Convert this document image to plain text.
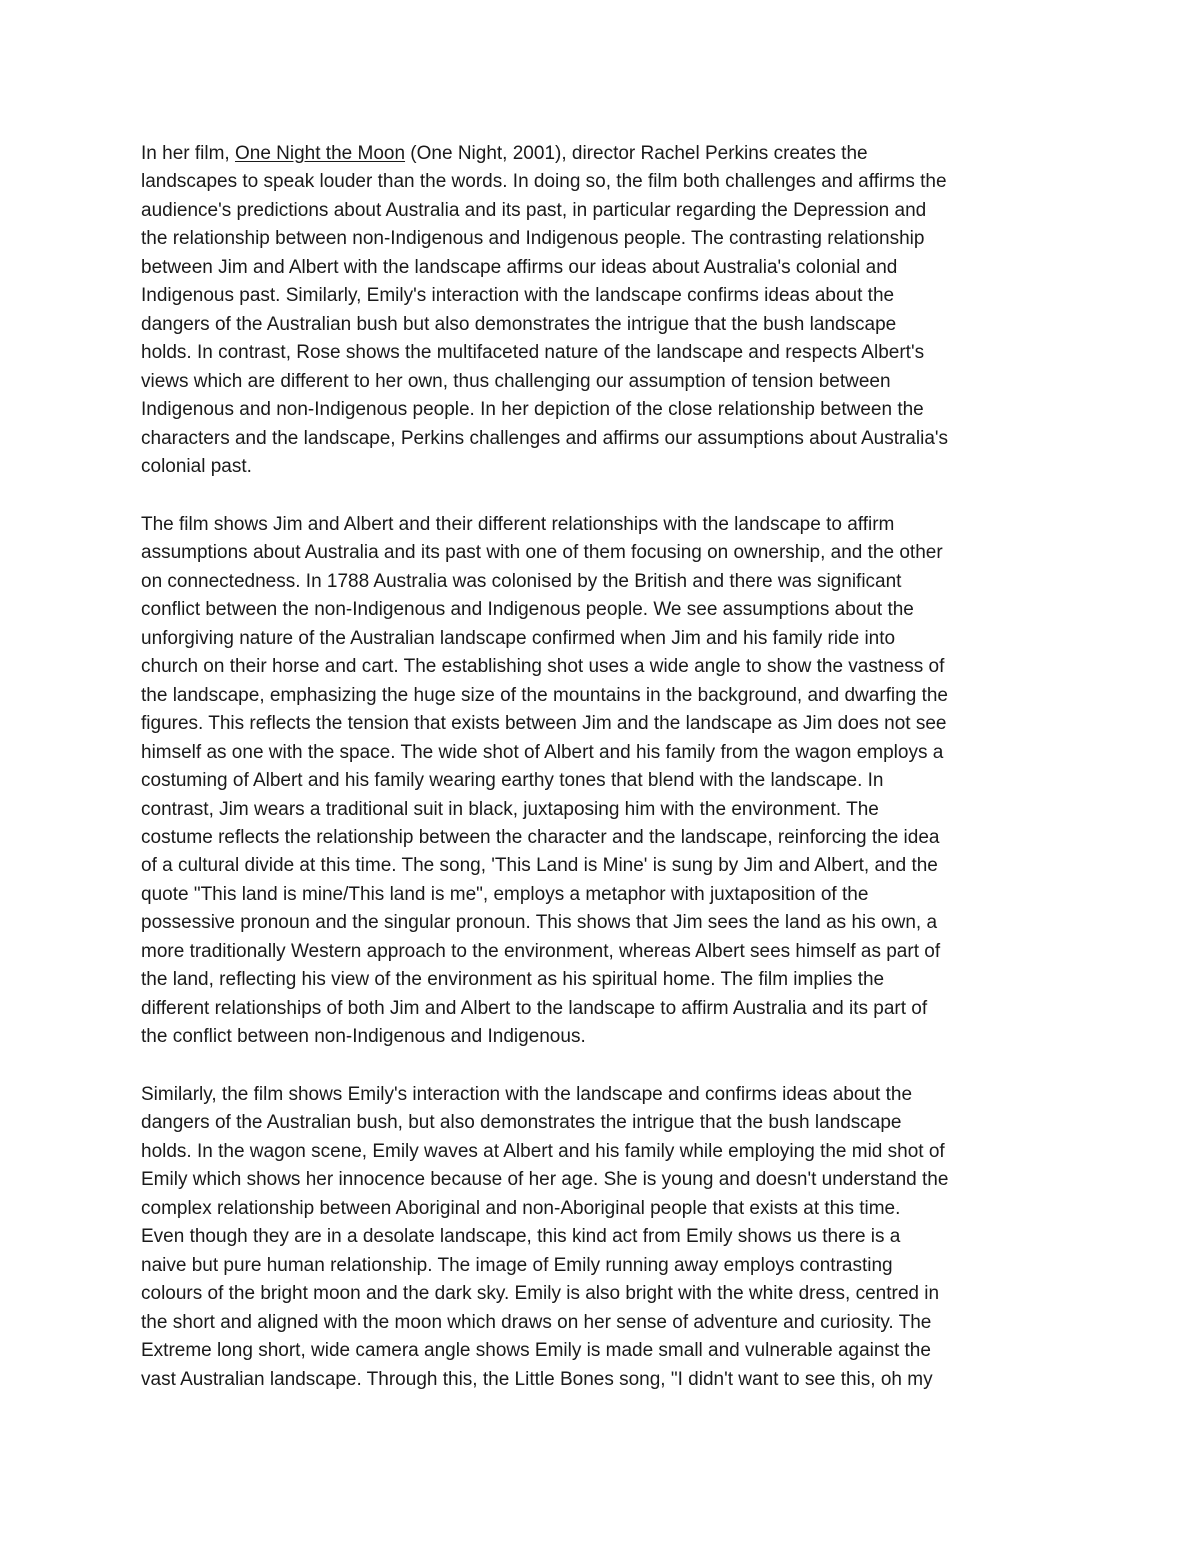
In her film, One Night the Moon (One Night, 2001), director Rachel Perkins creates the
landscapes to speak louder than the words. In doing so, the film both challenges and affirms the
audience's predictions about Australia and its past, in particular regarding the Depression and
the relationship between non-Indigenous and Indigenous people. The contrasting relationship
between Jim and Albert with the landscape affirms our ideas about Australia's colonial and
Indigenous past. Similarly, Emily's interaction with the landscape confirms ideas about the
dangers of the Australian bush but also demonstrates the intrigue that the bush landscape
holds. In contrast, Rose shows the multifaceted nature of the landscape and respects Albert's
views which are different to her own, thus challenging our assumption of tension between
Indigenous and non-Indigenous people. In her depiction of the close relationship between the
characters and the landscape, Perkins challenges and affirms our assumptions about Australia's
colonial past.
The film shows Jim and Albert and their different relationships with the landscape to affirm
assumptions about Australia and its past with one of them focusing on ownership, and the other
on connectedness. In 1788 Australia was colonised by the British and there was significant
conflict between the non-Indigenous and Indigenous people. We see assumptions about the
unforgiving nature of the Australian landscape confirmed when Jim and his family ride into
church on their horse and cart. The establishing shot uses a wide angle to show the vastness of
the landscape, emphasizing the huge size of the mountains in the background, and dwarfing the
figures. This reflects the tension that exists between Jim and the landscape as Jim does not see
himself as one with the space. The wide shot of Albert and his family from the wagon employs a
costuming of Albert and his family wearing earthy tones that blend with the landscape. In
contrast, Jim wears a traditional suit in black, juxtaposing him with the environment. The
costume reflects the relationship between the character and the landscape, reinforcing the idea
of a cultural divide at this time. The song, 'This Land is Mine' is sung by Jim and Albert, and the
quote "This land is mine/This land is me", employs a metaphor with juxtaposition of the
possessive pronoun and the singular pronoun. This shows that Jim sees the land as his own, a
more traditionally Western approach to the environment, whereas Albert sees himself as part of
the land, reflecting his view of the environment as his spiritual home. The film implies the
different relationships of both Jim and Albert to the landscape to affirm Australia and its part of
the conflict between non-Indigenous and Indigenous.
Similarly, the film shows Emily's interaction with the landscape and confirms ideas about the
dangers of the Australian bush, but also demonstrates the intrigue that the bush landscape
holds. In the wagon scene, Emily waves at Albert and his family while employing the mid shot of
Emily which shows her innocence because of her age. She is young and doesn't understand the
complex relationship between Aboriginal and non-Aboriginal people that exists at this time.
Even though they are in a desolate landscape, this kind act from Emily shows us there is a
naive but pure human relationship. The image of Emily running away employs contrasting
colours of the bright moon and the dark sky. Emily is also bright with the white dress, centred in
the short and aligned with the moon which draws on her sense of adventure and curiosity. The
Extreme long short, wide camera angle shows Emily is made small and vulnerable against the
vast Australian landscape. Through this, the Little Bones song, "I didn't want to see this, oh my
